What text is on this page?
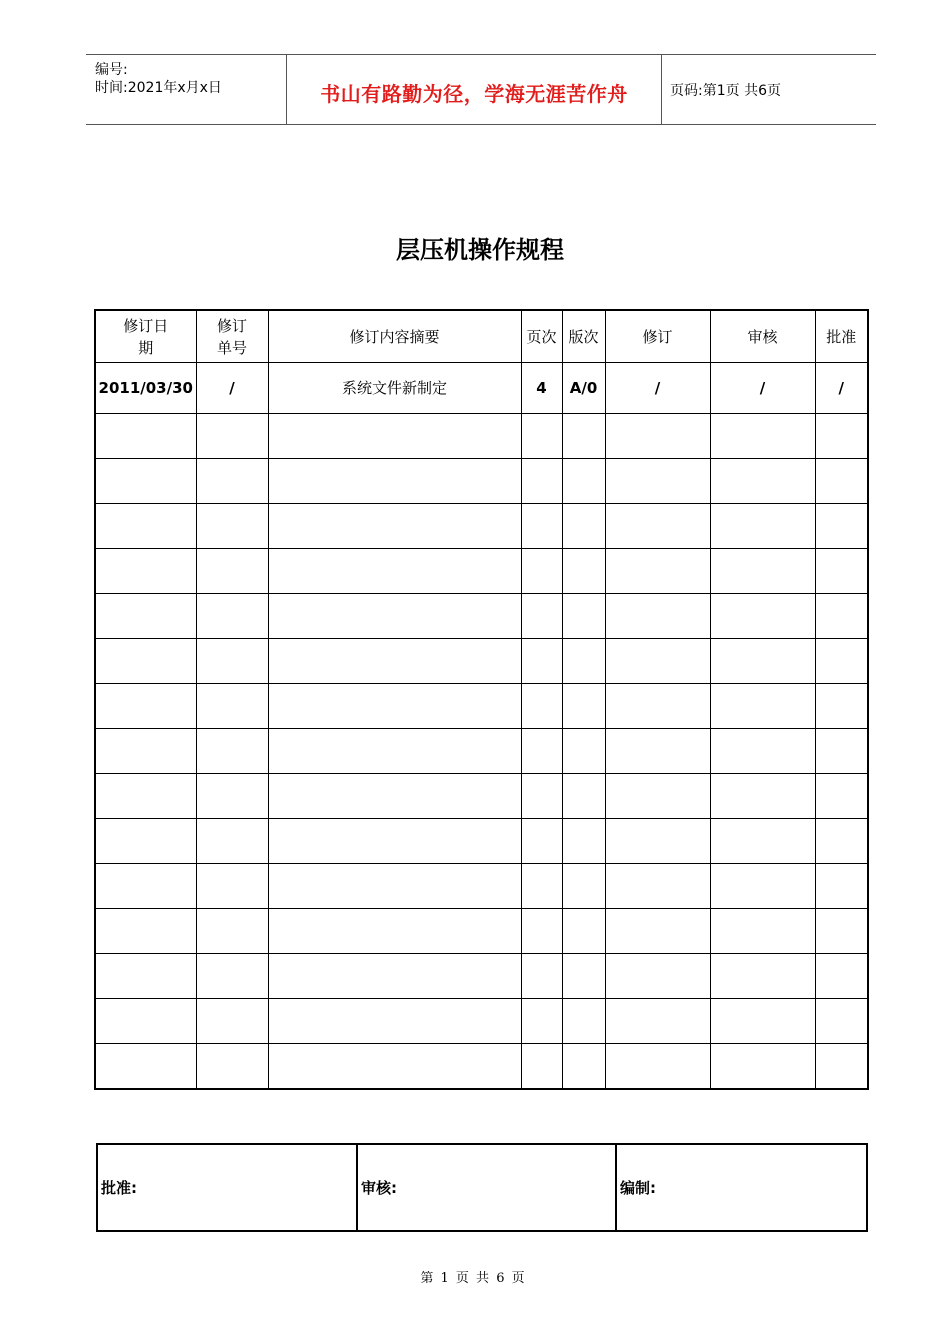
编号:
时间:2021年x月x日	书山有路勤为径，学海无涯苦作舟	页码:第1页 共6页
层压机操作规程
修订日期	修订单号	修订内容摘要	页次	版次	修订	审核	批准
2011/03/30	/	系统文件新制定	4	A/0	/	/	/

批准:	审核:	编制:
第 1 页 共 6 页
